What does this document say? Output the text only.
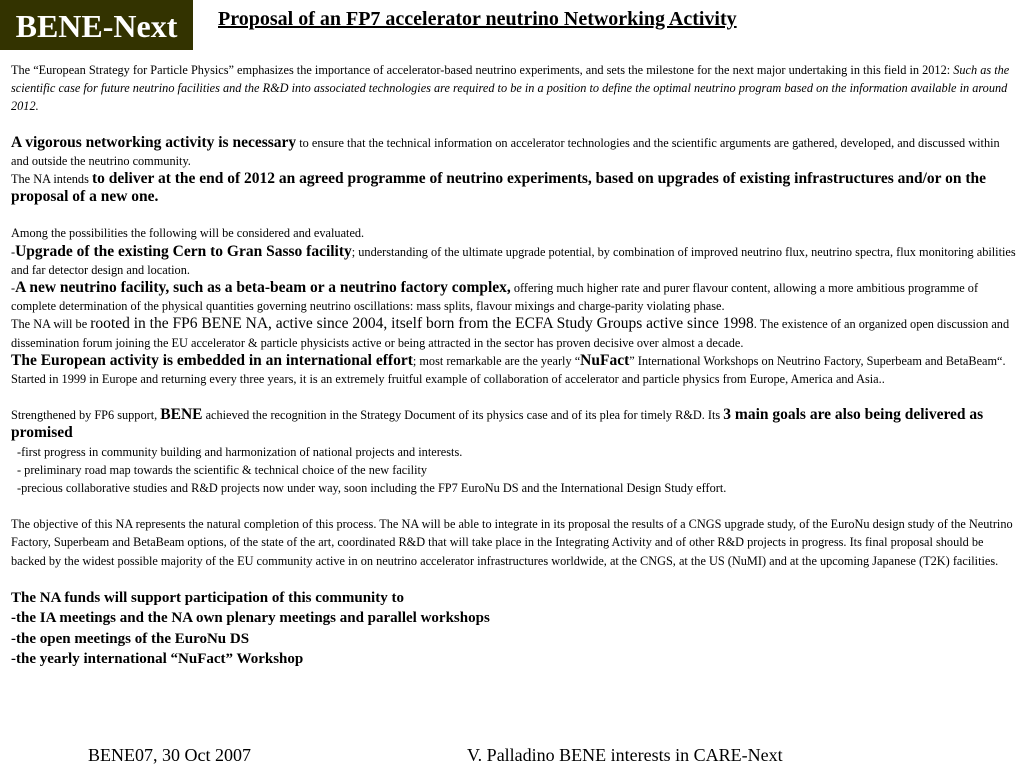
BENE-Next	Proposal of an FP7 accelerator neutrino Networking Activity

The “European Strategy for Particle Physics” emphasizes the importance of accelerator-based neutrino experiments, and sets the milestone for the next major undertaking in this field in 2012: Such as the scientific case for future neutrino facilities and the R&D into associated technologies are required to be in a position to define the optimal neutrino program based on the information available in around 2012.

A vigorous networking activity is necessary to ensure that the technical information on accelerator technologies and the scientific arguments are gathered, developed, and discussed within and outside the neutrino community.

The NA intends to deliver at the end of 2012 an agreed programme of neutrino experiments, based on upgrades of existing infrastructures and/or on the proposal of a new one.

Among the possibilities the following will be considered and evaluated.

-Upgrade of the existing Cern to Gran Sasso facility; understanding of the ultimate upgrade potential, by combination of improved neutrino flux, neutrino spectra, flux monitoring abilities and far detector design and location.

-A new neutrino facility, such as a beta-beam or a neutrino factory complex, offering much higher rate and purer flavour content, allowing a more ambitious programme of complete determination of the physical quantities governing neutrino oscillations: mass splits, flavour mixings and charge-parity violating phase.

The NA will be rooted in the FP6 BENE NA, active since 2004, itself born from the ECFA Study Groups active since 1998. The existence of an organized open discussion and dissemination forum joining the EU accelerator & particle physicists active or being attracted in the sector has proven decisive over almost a decade.

The European activity is embedded in an international effort; most remarkable are the yearly “NuFact” International Workshops on Neutrino Factory, Superbeam and BetaBeam“. Started in 1999 in Europe and returning every three years, it is an extremely fruitful example of collaboration of accelerator and particle physics from Europe, America and Asia..

Strengthened by FP6 support, BENE achieved the recognition in the Strategy Document of its physics case and of its plea for timely R&D. Its 3 main goals are also being delivered as promised

-first progress in community building and harmonization of national projects and interests.

- preliminary road map towards the scientific & technical choice of the new facility

-precious collaborative studies and R&D projects now under way, soon including the FP7 EuroNu DS and the International Design Study effort.

The objective of this NA represents the natural completion of this process. The NA will be able to integrate in its proposal the results of a CNGS upgrade study, of the EuroNu design study of the Neutrino Factory, Superbeam and BetaBeam options, of the state of the art, coordinated R&D that will take place in the Integrating Activity and of other R&D projects in progress. Its final proposal should be backed by the widest possible majority of the EU community active in on neutrino accelerator infrastructures worldwide, at the CNGS, at the US (NuMI) and at the upcoming Japanese (T2K) facilities.

The NA funds will support participation of this community to

-the IA meetings and the NA own plenary meetings and parallel workshops

-the open meetings of the EuroNu DS

-the yearly international “NuFact” Workshop

BENE07, 30 Oct 2007	V. Palladino BENE interests in CARE-Next
